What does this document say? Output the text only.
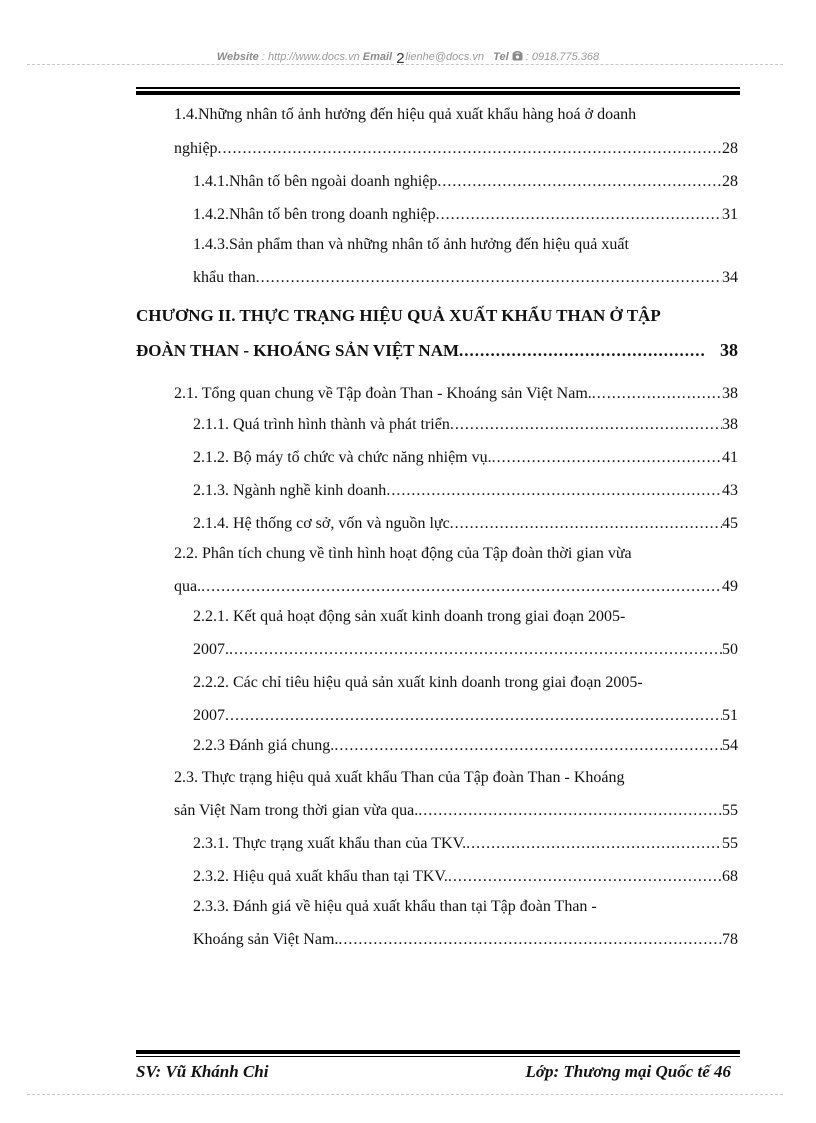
Website : http://www.docs.vn Email 2lienhe@docs.vn Tel  : 0918.775.368
1.4.Những nhân tố ảnh hưởng đến hiệu quả xuất khẩu hàng hoá ở doanh
nghiệp .....	28
1.4.1.Nhân tố bên ngoài doanh nghiệp .....	28
1.4.2.Nhân tố bên trong doanh nghiệp .....	31
1.4.3.Sản phẩm than và những nhân tố ảnh hưởng đến hiệu quả xuất
khẩu than .....	34
CHƯƠNG II. THỰC TRẠNG HIỆU QUẢ XUẤT KHẨU THAN Ở TẬP
ĐOÀN THAN - KHOÁNG SẢN VIỆT NAM .....	38
2.1. Tổng quan chung về Tập đoàn Than - Khoáng sản Việt Nam. .....	38
2.1.1. Quá trình hình thành và phát triển .....	38
2.1.2. Bộ máy tổ chức và chức năng nhiệm vụ. .....	41
2.1.3. Ngành nghề kinh doanh .....	43
2.1.4. Hệ thống cơ sở, vốn và nguồn lực .....	45
2.2. Phân tích chung về tình hình hoạt động của Tập đoàn thời gian vừa
qua. .....	49
2.2.1. Kết quả hoạt động sản xuất kinh doanh trong giai đoạn 2005-
2007. .....	50
2.2.2. Các chỉ tiêu hiệu quả sản xuất kinh doanh trong giai đoạn 2005-
2007 .....	51
2.2.3 Đánh giá chung. .....	54
2.3. Thực trạng hiệu quả xuất khẩu Than của Tập đoàn Than - Khoáng
sản Việt Nam trong thời gian vừa qua. .....	55
2.3.1. Thực trạng xuất khẩu than của TKV. .....	55
2.3.2. Hiệu quả xuất khẩu than tại TKV. .....	68
2.3.3. Đánh giá về hiệu quả xuất khẩu than tại Tập đoàn Than -
Khoáng sản Việt Nam. .....	78
SV: Vũ Khánh Chi	Lớp: Thương mại Quốc tế 46
